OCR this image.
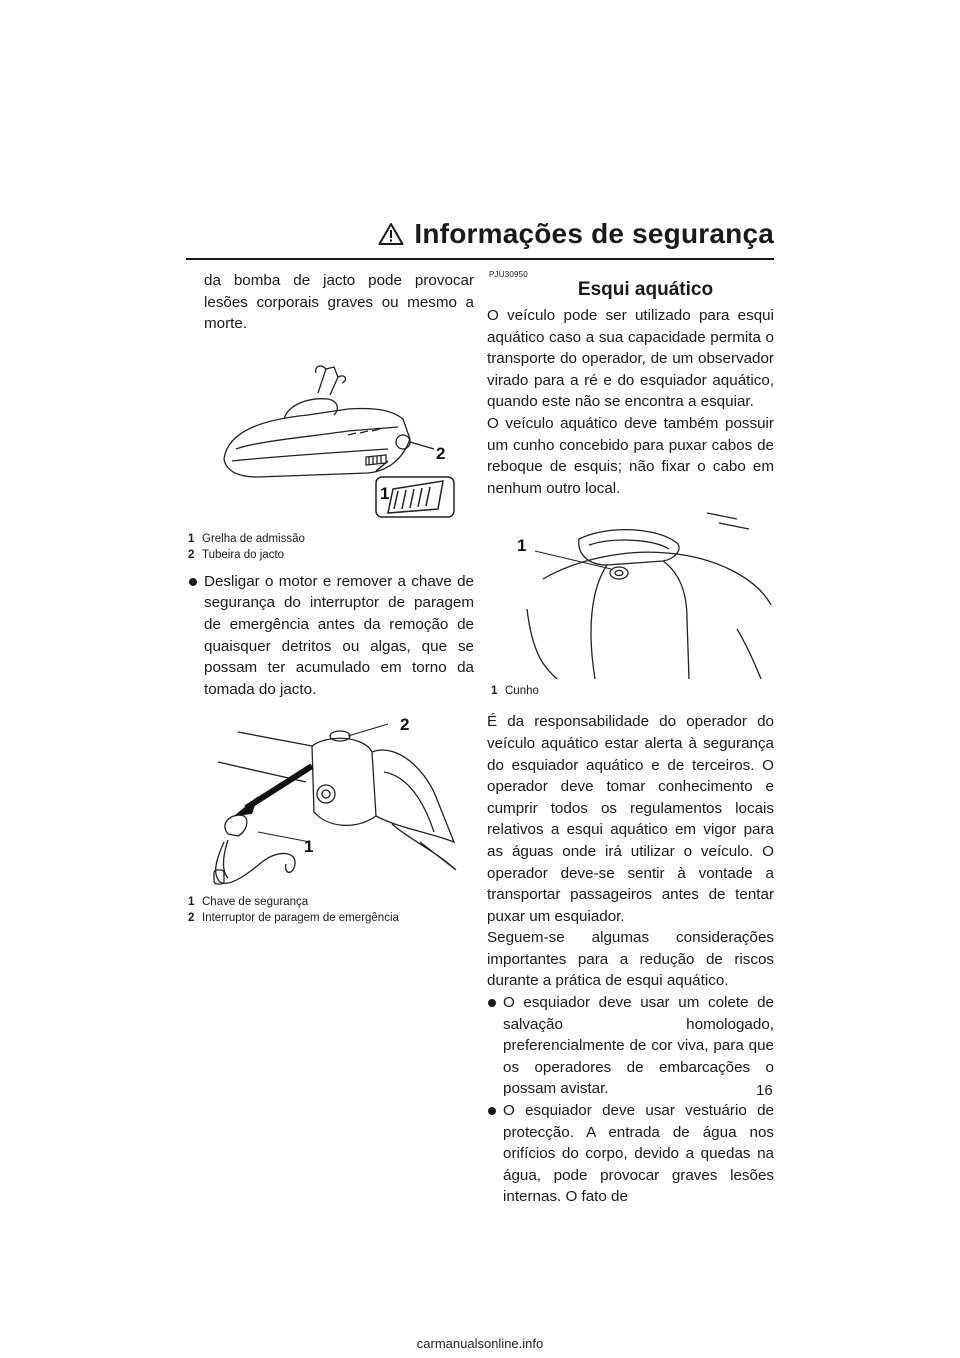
Informações de segurança

da bomba de jacto pode provocar lesões corporais graves ou mesmo a morte.

2
1

1 Grelha de admissão

2 Tubeira do jacto

Desligar o motor e remover a chave de segurança do interruptor de paragem de emergência antes da remoção de quaisquer detritos ou algas, que se possam ter acumulado em torno da tomada do jacto.

2
1

1 Chave de segurança

2 Interruptor de paragem de emergência

PJU30950

Esqui aquático

O veículo pode ser utilizado para esqui aquático caso a sua capacidade permita o transporte do operador, de um observador virado para a ré e do esquiador aquático, quando este não se encontra a esquiar.

O veículo aquático deve também possuir um cunho concebido para puxar cabos de reboque de esquis; não fixar o cabo em nenhum outro local.

1

1 Cunho

É da responsabilidade do operador do veículo aquático estar alerta à segurança do esquiador aquático e de terceiros. O operador deve tomar conhecimento e cumprir todos os regulamentos locais relativos a esqui aquático em vigor para as águas onde irá utilizar o veículo. O operador deve-se sentir à vontade a transportar passageiros antes de tentar puxar um esquiador.

Seguem-se algumas considerações importantes para a redução de riscos durante a prática de esqui aquático.

O esquiador deve usar um colete de salvação homologado, preferencialmente de cor viva, para que os operadores de embarcações o possam avistar.

O esquiador deve usar vestuário de protecção. A entrada de água nos orifícios do corpo, devido a quedas na água, pode provocar graves lesões internas. O fato de

16
carmanualsonline.info
